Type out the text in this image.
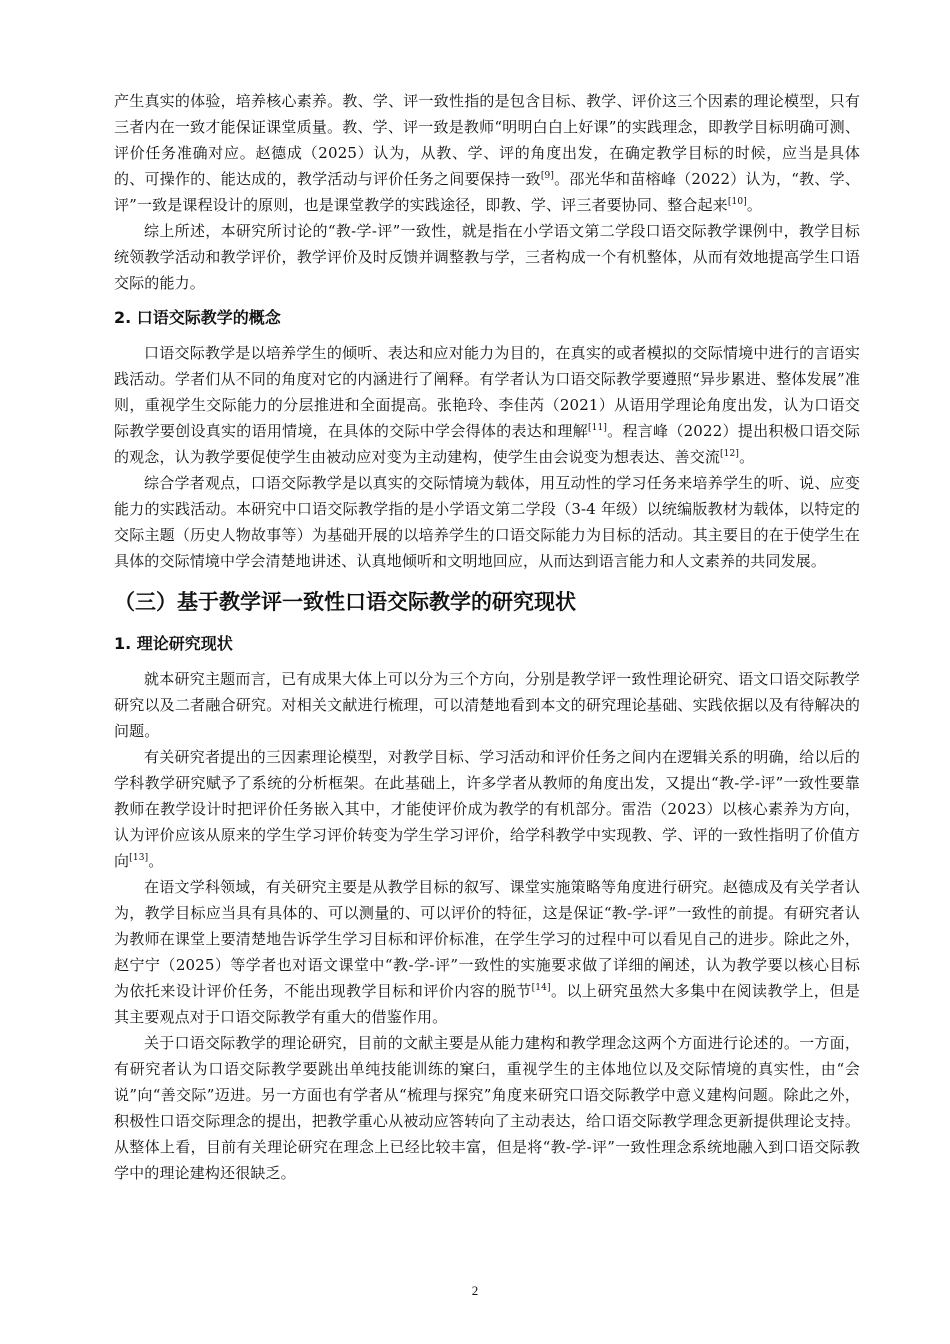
产生真实的体验，培养核心素养。教、学、评一致性指的是包含目标、教学、评价这三个因素的理论模型，只有三者内在一致才能保证课堂质量。教、学、评一致是教师“明明白白上好课”的实践理念，即教学目标明确可测、评价任务准确对应。赵德成（2025）认为，从教、学、评的角度出发，在确定教学目标的时候，应当是具体的、可操作的、能达成的，教学活动与评价任务之间要保持一致[9]。邵光华和苗榕峰（2022）认为，“教、学、评”一致是课程设计的原则，也是课堂教学的实践途径，即教、学、评三者要协同、整合起来[10]。

综上所述，本研究所讨论的“教-学-评”一致性，就是指在小学语文第二学段口语交际教学课例中，教学目标统领教学活动和教学评价，教学评价及时反馈并调整教与学，三者构成一个有机整体，从而有效地提高学生口语交际的能力。

2. 口语交际教学的概念

口语交际教学是以培养学生的倾听、表达和应对能力为目的，在真实的或者模拟的交际情境中进行的言语实践活动。学者们从不同的角度对它的内涵进行了阐释。有学者认为口语交际教学要遵照“异步累进、整体发展”准则，重视学生交际能力的分层推进和全面提高。张艳玲、李佳芮（2021）从语用学理论角度出发，认为口语交际教学要创设真实的语用情境，在具体的交际中学会得体的表达和理解[11]。程言峰（2022）提出积极口语交际的观念，认为教学要促使学生由被动应对变为主动建构，使学生由会说变为想表达、善交流[12]。

综合学者观点，口语交际教学是以真实的交际情境为载体，用互动性的学习任务来培养学生的听、说、应变能力的实践活动。本研究中口语交际教学指的是小学语文第二学段（3-4 年级）以统编版教材为载体，以特定的交际主题（历史人物故事等）为基础开展的以培养学生的口语交际能力为目标的活动。其主要目的在于使学生在具体的交际情境中学会清楚地讲述、认真地倾听和文明地回应，从而达到语言能力和人文素养的共同发展。

（三）基于教学评一致性口语交际教学的研究现状
1. 理论研究现状

就本研究主题而言，已有成果大体上可以分为三个方向，分别是教学评一致性理论研究、语文口语交际教学研究以及二者融合研究。对相关文献进行梳理，可以清楚地看到本文的研究理论基础、实践依据以及有待解决的问题。

有关研究者提出的三因素理论模型，对教学目标、学习活动和评价任务之间内在逻辑关系的明确，给以后的学科教学研究赋予了系统的分析框架。在此基础上，许多学者从教师的角度出发，又提出“教-学-评”一致性要靠教师在教学设计时把评价任务嵌入其中，才能使评价成为教学的有机部分。雷浩（2023）以核心素养为方向，认为评价应该从原来的学生学习评价转变为学生学习评价，给学科教学中实现教、学、评的一致性指明了价值方向[13]。

在语文学科领域，有关研究主要是从教学目标的叙写、课堂实施策略等角度进行研究。赵德成及有关学者认为，教学目标应当具有具体的、可以测量的、可以评价的特征，这是保证“教-学-评”一致性的前提。有研究者认为教师在课堂上要清楚地告诉学生学习目标和评价标准，在学生学习的过程中可以看见自己的进步。除此之外，赵宁宁（2025）等学者也对语文课堂中“教-学-评”一致性的实施要求做了详细的阐述，认为教学要以核心目标为依托来设计评价任务，不能出现教学目标和评价内容的脱节[14]。以上研究虽然大多集中在阅读教学上，但是其主要观点对于口语交际教学有重大的借鉴作用。

关于口语交际教学的理论研究，目前的文献主要是从能力建构和教学理念这两个方面进行论述的。一方面，有研究者认为口语交际教学要跳出单纯技能训练的窠臼，重视学生的主体地位以及交际情境的真实性，由“会说”向“善交际”迈进。另一方面也有学者从“梳理与探究”角度来研究口语交际教学中意义建构问题。除此之外，积极性口语交际理念的提出，把教学重心从被动应答转向了主动表达，给口语交际教学理念更新提供理论支持。从整体上看，目前有关理论研究在理念上已经比较丰富，但是将“教-学-评”一致性理念系统地融入到口语交际教学中的理论建构还很缺乏。

2
